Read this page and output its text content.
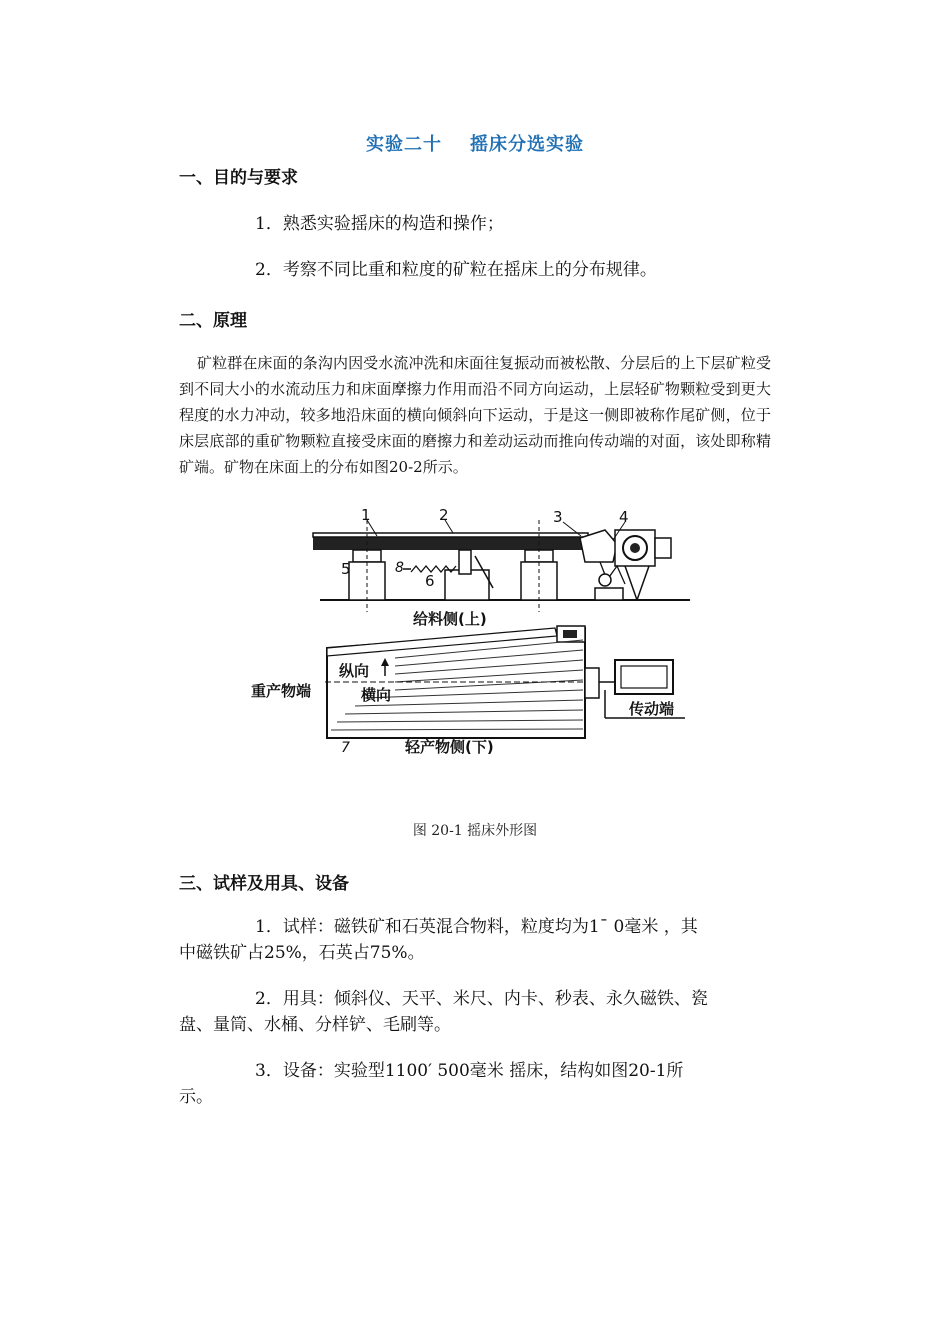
实验二十 摇床分选实验
一、目的与要求
1．熟悉实验摇床的构造和操作；
2．考察不同比重和粒度的矿粒在摇床上的分布规律。
二、原理
矿粒群在床面的条沟内因受水流冲洗和床面往复振动而被松散、分层后的上下层矿粒受到不同大小的水流动压力和床面摩擦力作用而沿不同方向运动，上层轻矿物颗粒受到更大程度的水力冲动，较多地沿床面的横向倾斜向下运动，于是这一侧即被称作尾矿侧，位于床层底部的重矿物颗粒直接受床面的磨擦力和差动运动而推向传动端的对面，该处即称精矿端。矿物在床面上的分布如图20-2所示。
1	2	3	4
5
6
8
给料侧(上)
纵向
横向
重产物端
传动端
7	轻产物侧(下)
图 20-1 摇床外形图
三、试样及用具、设备
1．试样：磁铁矿和石英混合物料，粒度均为1ˉ 0毫米 ，其
中磁铁矿占25%，石英占75%。
2．用具：倾斜仪、天平、米尺、内卡、秒表、永久磁铁、瓷
盘、量筒、水桶、分样铲、毛刷等。
3．设备：实验型1100′ 500毫米 摇床，结构如图20-1所
示。
